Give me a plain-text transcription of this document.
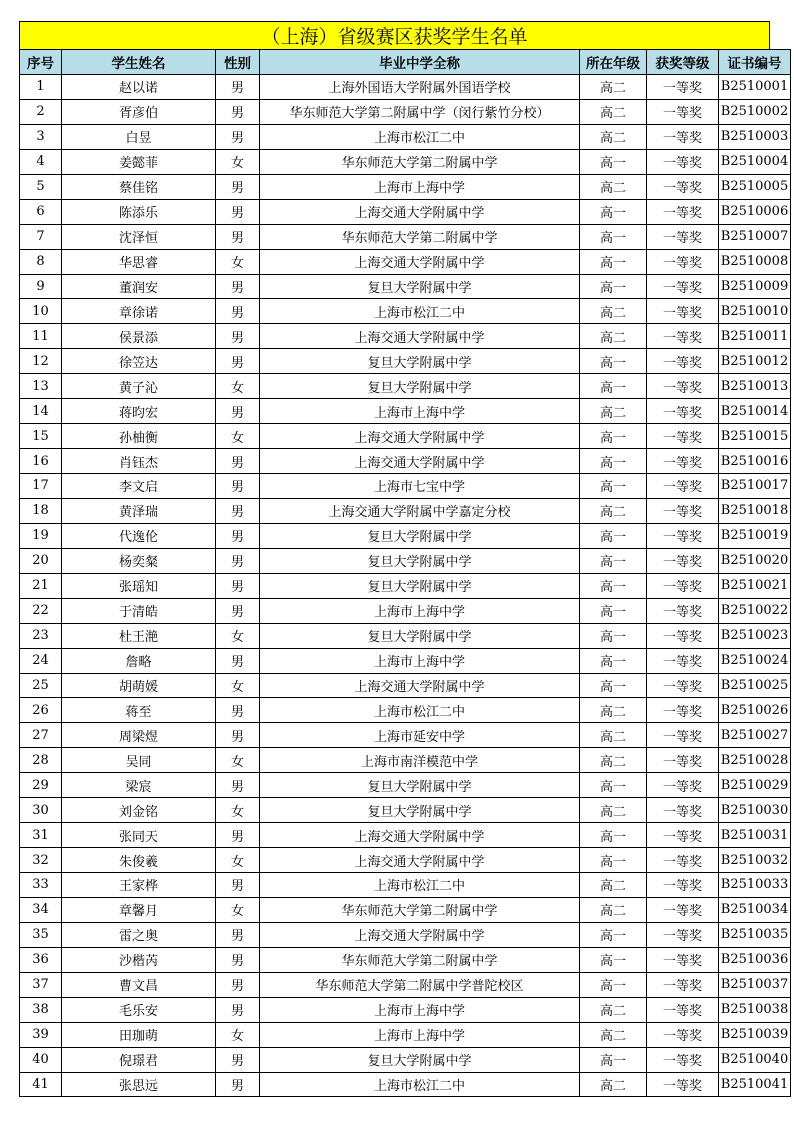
（上海）省级赛区获奖学生名单
序号	学生姓名	性别	毕业中学全称	所在年级	获奖等级	证书编号
1	赵以诺	男	上海外国语大学附属外国语学校	高二	一等奖	B2510001
2	胥彦伯	男	华东师范大学第二附属中学（闵行紫竹分校）	高二	一等奖	B2510002
3	白昱	男	上海市松江二中	高二	一等奖	B2510003
4	姜懿菲	女	华东师范大学第二附属中学	高一	一等奖	B2510004
5	蔡佳铭	男	上海市上海中学	高二	一等奖	B2510005
6	陈添乐	男	上海交通大学附属中学	高一	一等奖	B2510006
7	沈泽恒	男	华东师范大学第二附属中学	高一	一等奖	B2510007
8	华思睿	女	上海交通大学附属中学	高一	一等奖	B2510008
9	董润安	男	复旦大学附属中学	高一	一等奖	B2510009
10	章徐诺	男	上海市松江二中	高二	一等奖	B2510010
11	侯景添	男	上海交通大学附属中学	高二	一等奖	B2510011
12	徐笠达	男	复旦大学附属中学	高一	一等奖	B2510012
13	黄子沁	女	复旦大学附属中学	高一	一等奖	B2510013
14	蒋昀宏	男	上海市上海中学	高二	一等奖	B2510014
15	孙柚衡	女	上海交通大学附属中学	高一	一等奖	B2510015
16	肖钰杰	男	上海交通大学附属中学	高一	一等奖	B2510016
17	李文启	男	上海市七宝中学	高一	一等奖	B2510017
18	黄泽瑞	男	上海交通大学附属中学嘉定分校	高二	一等奖	B2510018
19	代逸伦	男	复旦大学附属中学	高一	一等奖	B2510019
20	杨奕粲	男	复旦大学附属中学	高一	一等奖	B2510020
21	张瑶知	男	复旦大学附属中学	高一	一等奖	B2510021
22	于清皓	男	上海市上海中学	高一	一等奖	B2510022
23	杜王滟	女	复旦大学附属中学	高一	一等奖	B2510023
24	詹略	男	上海市上海中学	高一	一等奖	B2510024
25	胡萌媛	女	上海交通大学附属中学	高一	一等奖	B2510025
26	蒋至	男	上海市松江二中	高二	一等奖	B2510026
27	周梁煜	男	上海市延安中学	高二	一等奖	B2510027
28	吴同	女	上海市南洋模范中学	高二	一等奖	B2510028
29	梁宸	男	复旦大学附属中学	高一	一等奖	B2510029
30	刘金铭	女	复旦大学附属中学	高二	一等奖	B2510030
31	张同天	男	上海交通大学附属中学	高一	一等奖	B2510031
32	朱俊羲	女	上海交通大学附属中学	高一	一等奖	B2510032
33	王家桦	男	上海市松江二中	高二	一等奖	B2510033
34	章馨月	女	华东师范大学第二附属中学	高二	一等奖	B2510034
35	雷之奥	男	上海交通大学附属中学	高一	一等奖	B2510035
36	沙楷芮	男	华东师范大学第二附属中学	高一	一等奖	B2510036
37	曹文昌	男	华东师范大学第二附属中学普陀校区	高一	一等奖	B2510037
38	毛乐安	男	上海市上海中学	高二	一等奖	B2510038
39	田珈萌	女	上海市上海中学	高二	一等奖	B2510039
40	倪璟君	男	复旦大学附属中学	高一	一等奖	B2510040
41	张思远	男	上海市松江二中	高二	一等奖	B2510041
